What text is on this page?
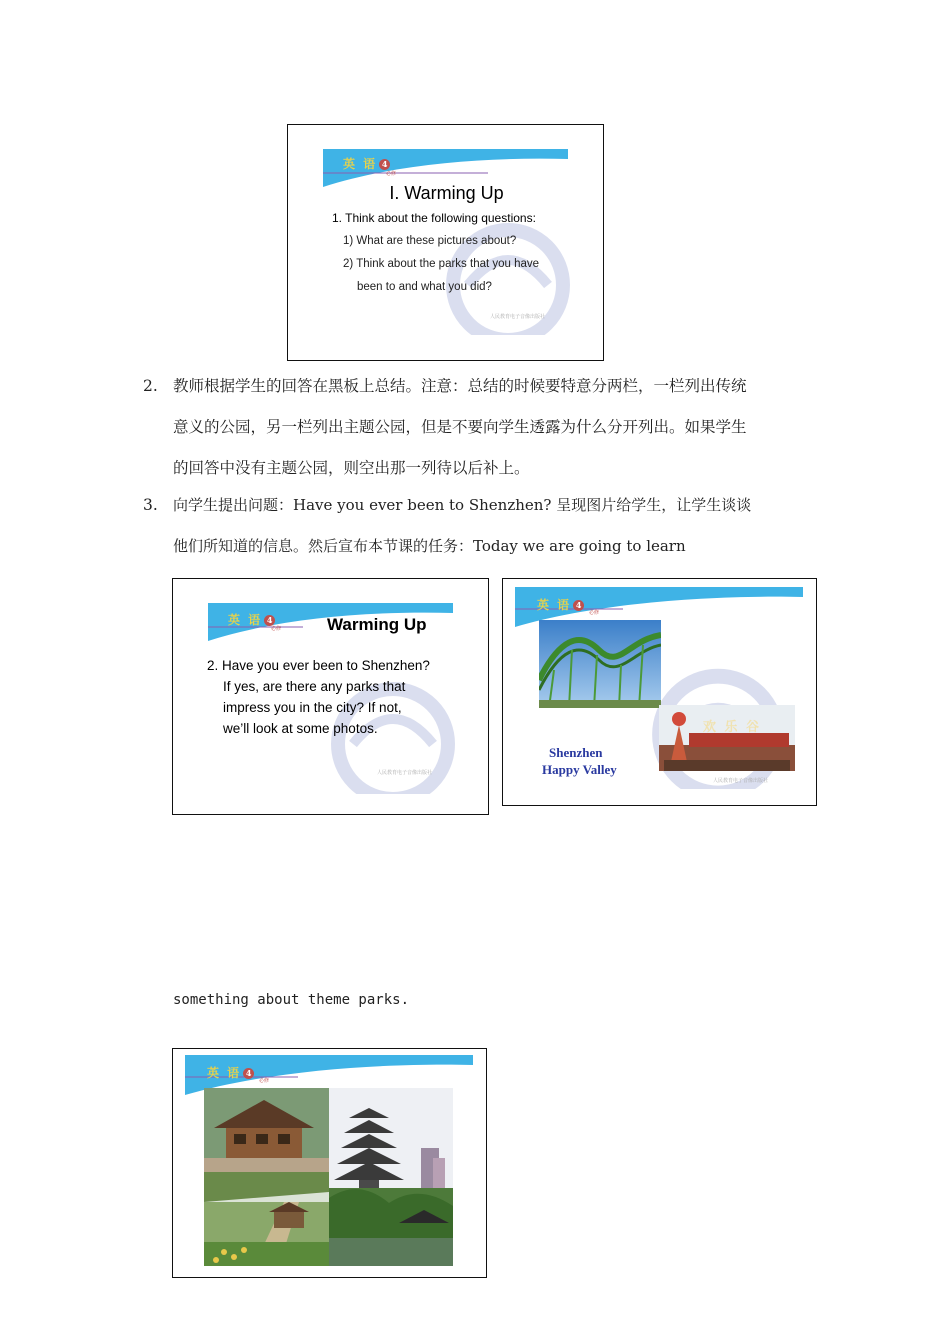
英 语 4
必修
人民教育电子音像出版社
I. Warming Up
1. Think about the following questions:
1) What are these pictures about?
2) Think about the parks that you have
been to and what you did?
2. 教师根据学生的回答在黑板上总结。注意：总结的时候要特意分两栏，一栏列出传统
意义的公园，另一栏列出主题公园，但是不要向学生透露为什么分开列出。如果学生
的回答中没有主题公园，则空出那一列待以后补上。
3. 向学生提出问题：Have you ever been to Shenzhen? 呈现图片给学生，让学生谈谈
他们所知道的信息。然后宣布本节课的任务：Today we are going to learn
英 语 4
必修
人民教育电子音像出版社
Warming Up
2. Have you ever been to Shenzhen?
If yes, are there any parks that
impress you in the city? If not,
we’ll look at some photos.
英 语 4
必修
人民教育电子音像出版社
欢 乐 谷
Shenzhen
Happy Valley
something about theme parks.
英 语 4
必修
